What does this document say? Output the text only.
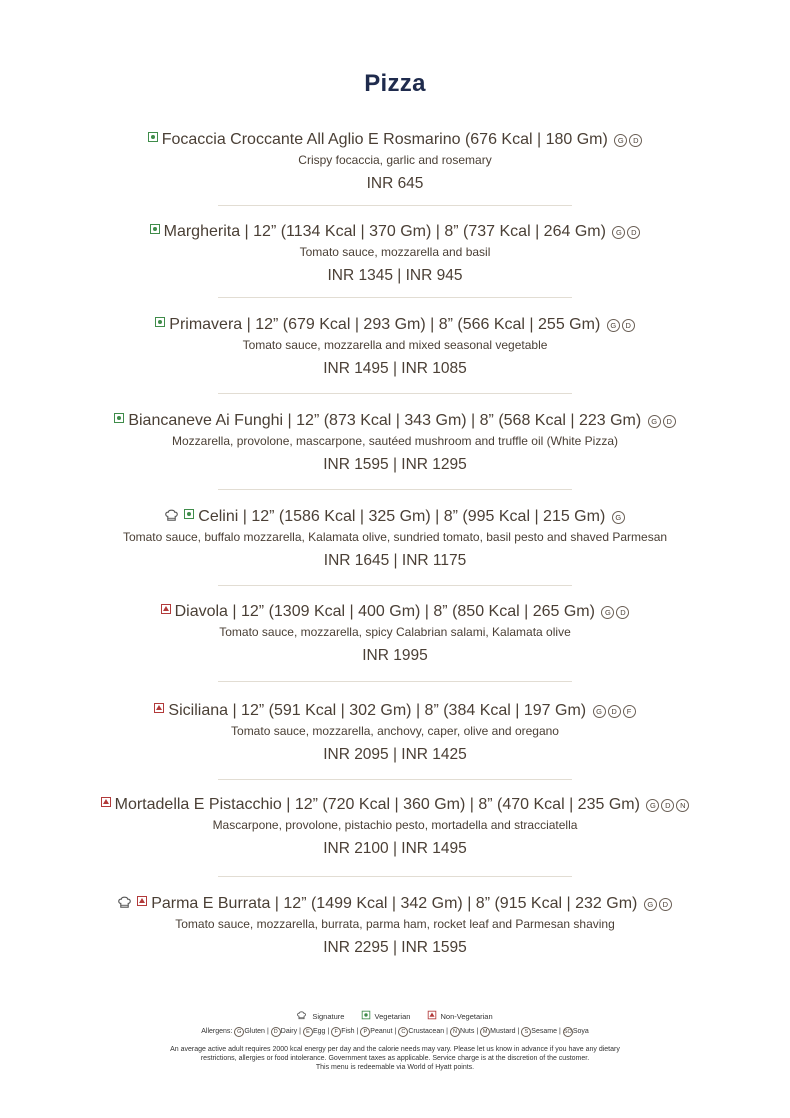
Pizza
Focaccia Croccante All Aglio E Rosmarino (676 Kcal | 180 Gm) G D
Crispy focaccia, garlic and rosemary
INR 645
Margherita | 12” (1134 Kcal | 370 Gm) | 8” (737 Kcal | 264 Gm) G D
Tomato sauce, mozzarella and basil
INR 1345 | INR 945
Primavera | 12” (679 Kcal | 293 Gm) | 8” (566 Kcal | 255 Gm) G D
Tomato sauce, mozzarella and mixed seasonal vegetable
INR 1495 | INR 1085
Biancaneve Ai Funghi | 12” (873 Kcal | 343 Gm) | 8” (568 Kcal | 223 Gm) G D
Mozzarella, provolone, mascarpone, sautéed mushroom and truffle oil (White Pizza)
INR 1595 | INR 1295
Celini | 12” (1586 Kcal | 325 Gm) | 8” (995 Kcal | 215 Gm) G
Tomato sauce, buffalo mozzarella, Kalamata olive, sundried tomato, basil pesto and shaved Parmesan
INR 1645 | INR 1175
Diavola | 12” (1309 Kcal | 400 Gm) | 8” (850 Kcal | 265 Gm) G D
Tomato sauce, mozzarella, spicy Calabrian salami, Kalamata olive
INR 1995
Siciliana | 12” (591 Kcal | 302 Gm) | 8” (384 Kcal | 197 Gm) G D F
Tomato sauce, mozzarella, anchovy, caper, olive and oregano
INR 2095 | INR 1425
Mortadella E Pistacchio | 12” (720 Kcal | 360 Gm) | 8” (470 Kcal | 235 Gm) G D N
Mascarpone, provolone, pistachio pesto, mortadella and stracciatella
INR 2100 | INR 1495
Parma E Burrata | 12” (1499 Kcal | 342 Gm) | 8” (915 Kcal | 232 Gm) G D
Tomato sauce, mozzarella, burrata, parma ham, rocket leaf and Parmesan shaving
INR 2295 | INR 1595
Signature	Vegetarian	Non-Vegetarian
Allergens: G Gluten | D Dairy | E Egg | F Fish | P Peanut | C Crustacean | N Nuts | M Mustard | S Sesame | SOSoya
An average active adult requires 2000 kcal energy per day and the calorie needs may vary. Please let us know in advance if you have any dietary
restrictions, allergies or food intolerance. Government taxes as applicable. Service charge is at the discretion of the customer.
This menu is redeemable via World of Hyatt points.
